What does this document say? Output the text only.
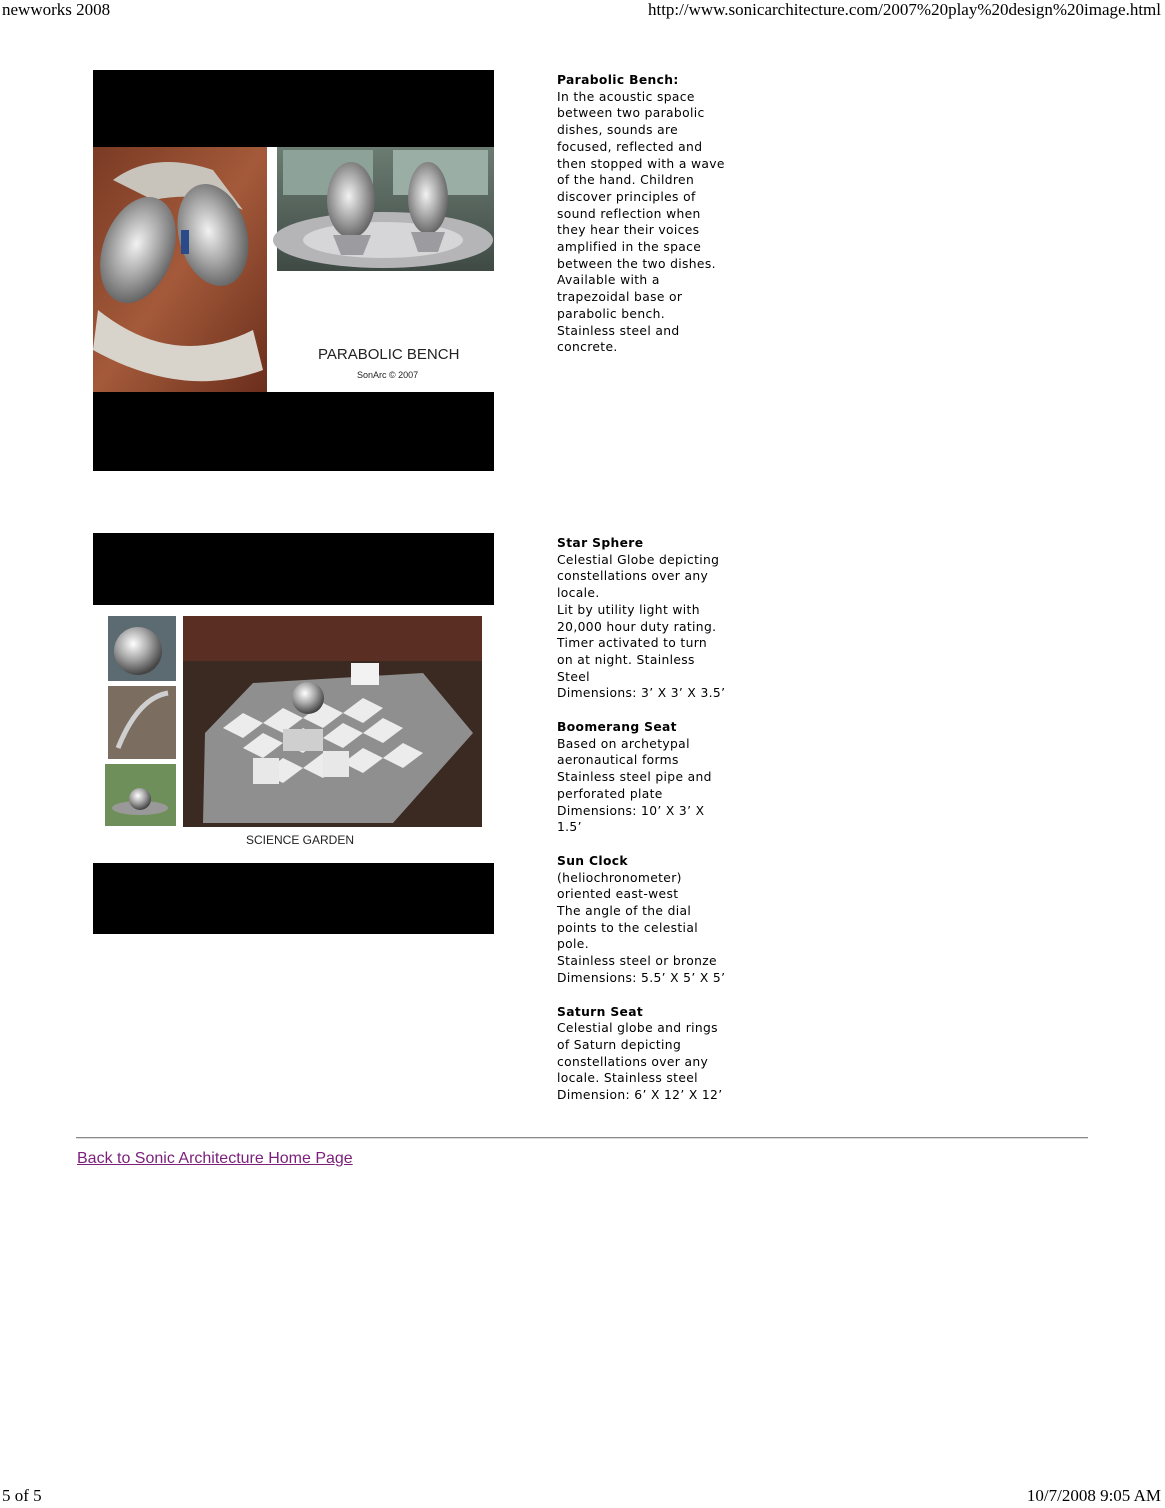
newworks 2008	http://www.sonicarchitecture.com/2007%20play%20design%20image.html
PARABOLIC BENCH
SonArc © 2007
Parabolic Bench:
In the acoustic space
between two parabolic
dishes, sounds are
focused, reflected and
then stopped with a wave
of the hand. Children
discover principles of
sound reflection when
they hear their voices
amplified in the space
between the two dishes.
Available with a
trapezoidal base or
parabolic bench.
Stainless steel and
concrete.
SCIENCE GARDEN
Star Sphere
Celestial Globe depicting
constellations over any
locale.
Lit by utility light with
20,000 hour duty rating.
Timer activated to turn
on at night. Stainless
Steel
Dimensions: 3’ X 3’ X 3.5’
Boomerang Seat
Based on archetypal
aeronautical forms
Stainless steel pipe and
perforated plate
Dimensions: 10’ X 3’ X
1.5’
Sun Clock
(heliochronometer)
oriented east-west
The angle of the dial
points to the celestial
pole.
Stainless steel or bronze
Dimensions: 5.5’ X 5’ X 5’
Saturn Seat
Celestial globe and rings
of Saturn depicting
constellations over any
locale. Stainless steel
Dimension: 6’ X 12’ X 12’
Back to Sonic Architecture Home Page
5 of 5	10/7/2008 9:05 AM
